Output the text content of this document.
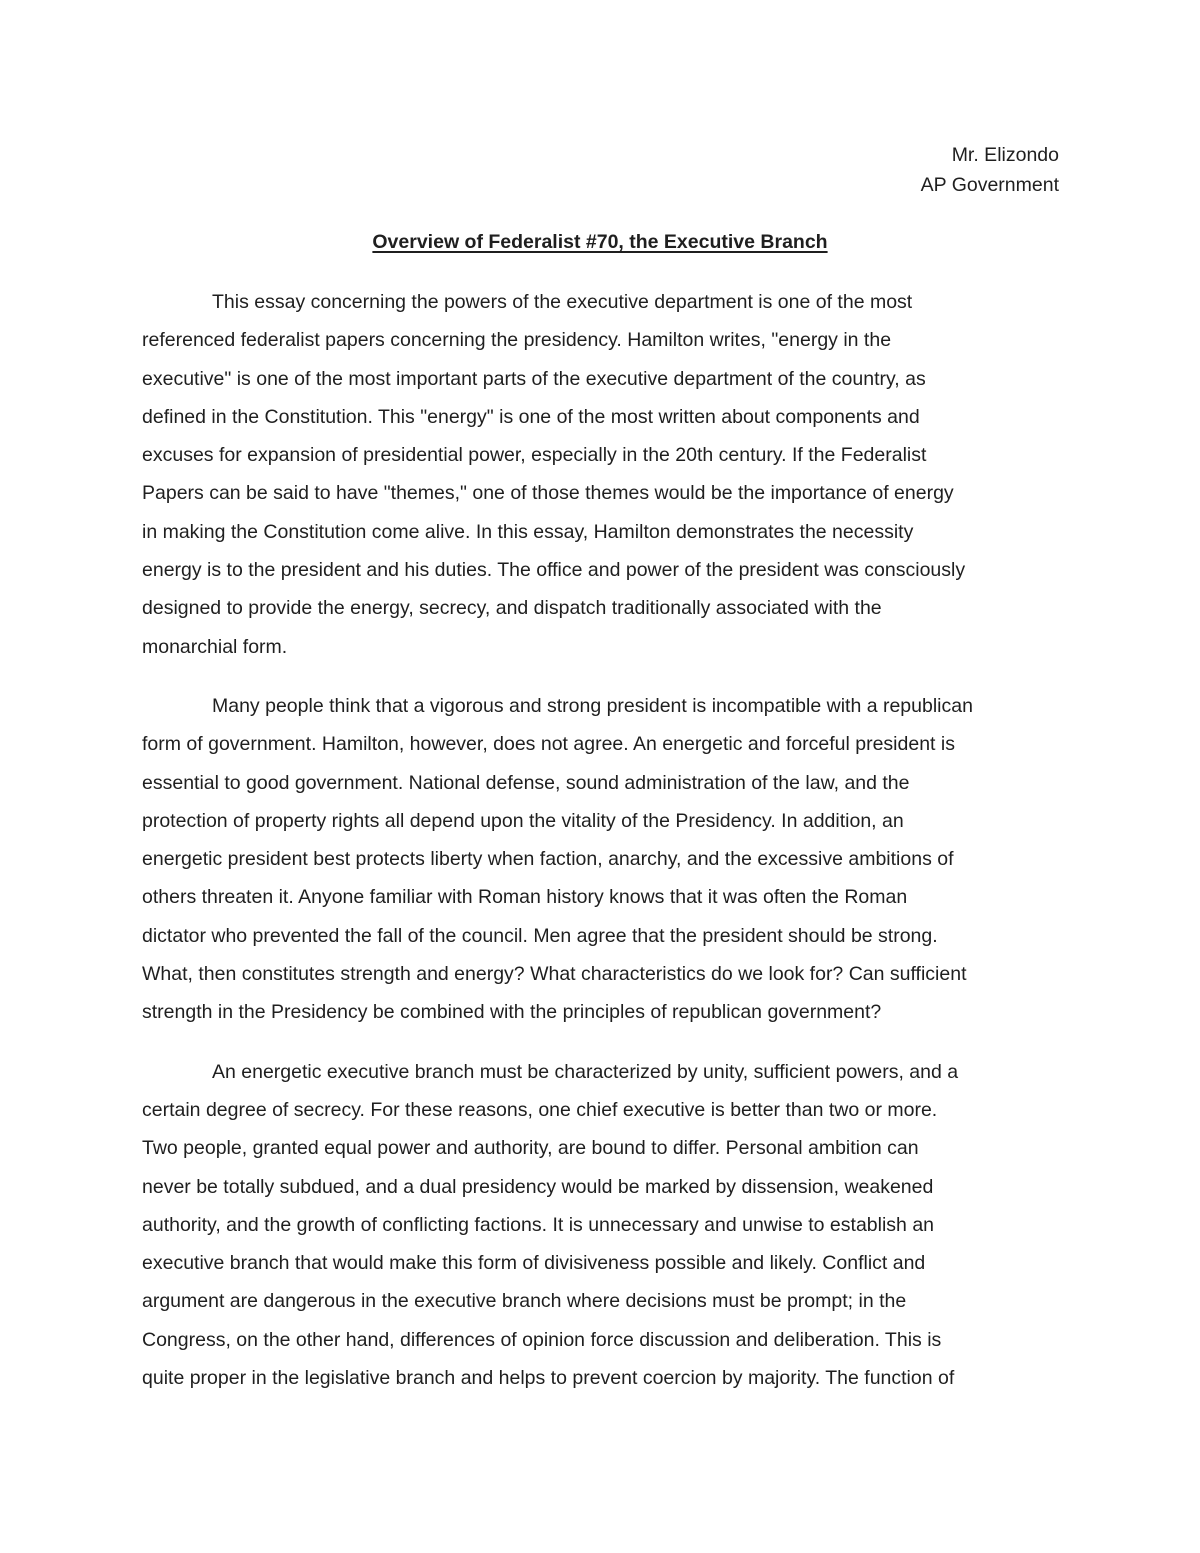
Mr. Elizondo
AP Government
Overview of Federalist #70, the Executive Branch
This essay concerning the powers of the executive department is one of the most
referenced federalist papers concerning the presidency. Hamilton writes, "energy in the
executive" is one of the most important parts of the executive department of the country, as
defined in the Constitution. This "energy" is one of the most written about components and
excuses for expansion of presidential power, especially in the 20th century. If the Federalist
Papers can be said to have "themes," one of those themes would be the importance of energy
in making the Constitution come alive. In this essay, Hamilton demonstrates the necessity
energy is to the president and his duties. The office and power of the president was consciously
designed to provide the energy, secrecy, and dispatch traditionally associated with the
monarchial form.
Many people think that a vigorous and strong president is incompatible with a republican
form of government. Hamilton, however, does not agree. An energetic and forceful president is
essential to good government. National defense, sound administration of the law, and the
protection of property rights all depend upon the vitality of the Presidency. In addition, an
energetic president best protects liberty when faction, anarchy, and the excessive ambitions of
others threaten it. Anyone familiar with Roman history knows that it was often the Roman
dictator who prevented the fall of the council. Men agree that the president should be strong.
What, then constitutes strength and energy? What characteristics do we look for? Can sufficient
strength in the Presidency be combined with the principles of republican government?
An energetic executive branch must be characterized by unity, sufficient powers, and a
certain degree of secrecy. For these reasons, one chief executive is better than two or more.
Two people, granted equal power and authority, are bound to differ. Personal ambition can
never be totally subdued, and a dual presidency would be marked by dissension, weakened
authority, and the growth of conflicting factions. It is unnecessary and unwise to establish an
executive branch that would make this form of divisiveness possible and likely. Conflict and
argument are dangerous in the executive branch where decisions must be prompt; in the
Congress, on the other hand, differences of opinion force discussion and deliberation. This is
quite proper in the legislative branch and helps to prevent coercion by majority. The function of
